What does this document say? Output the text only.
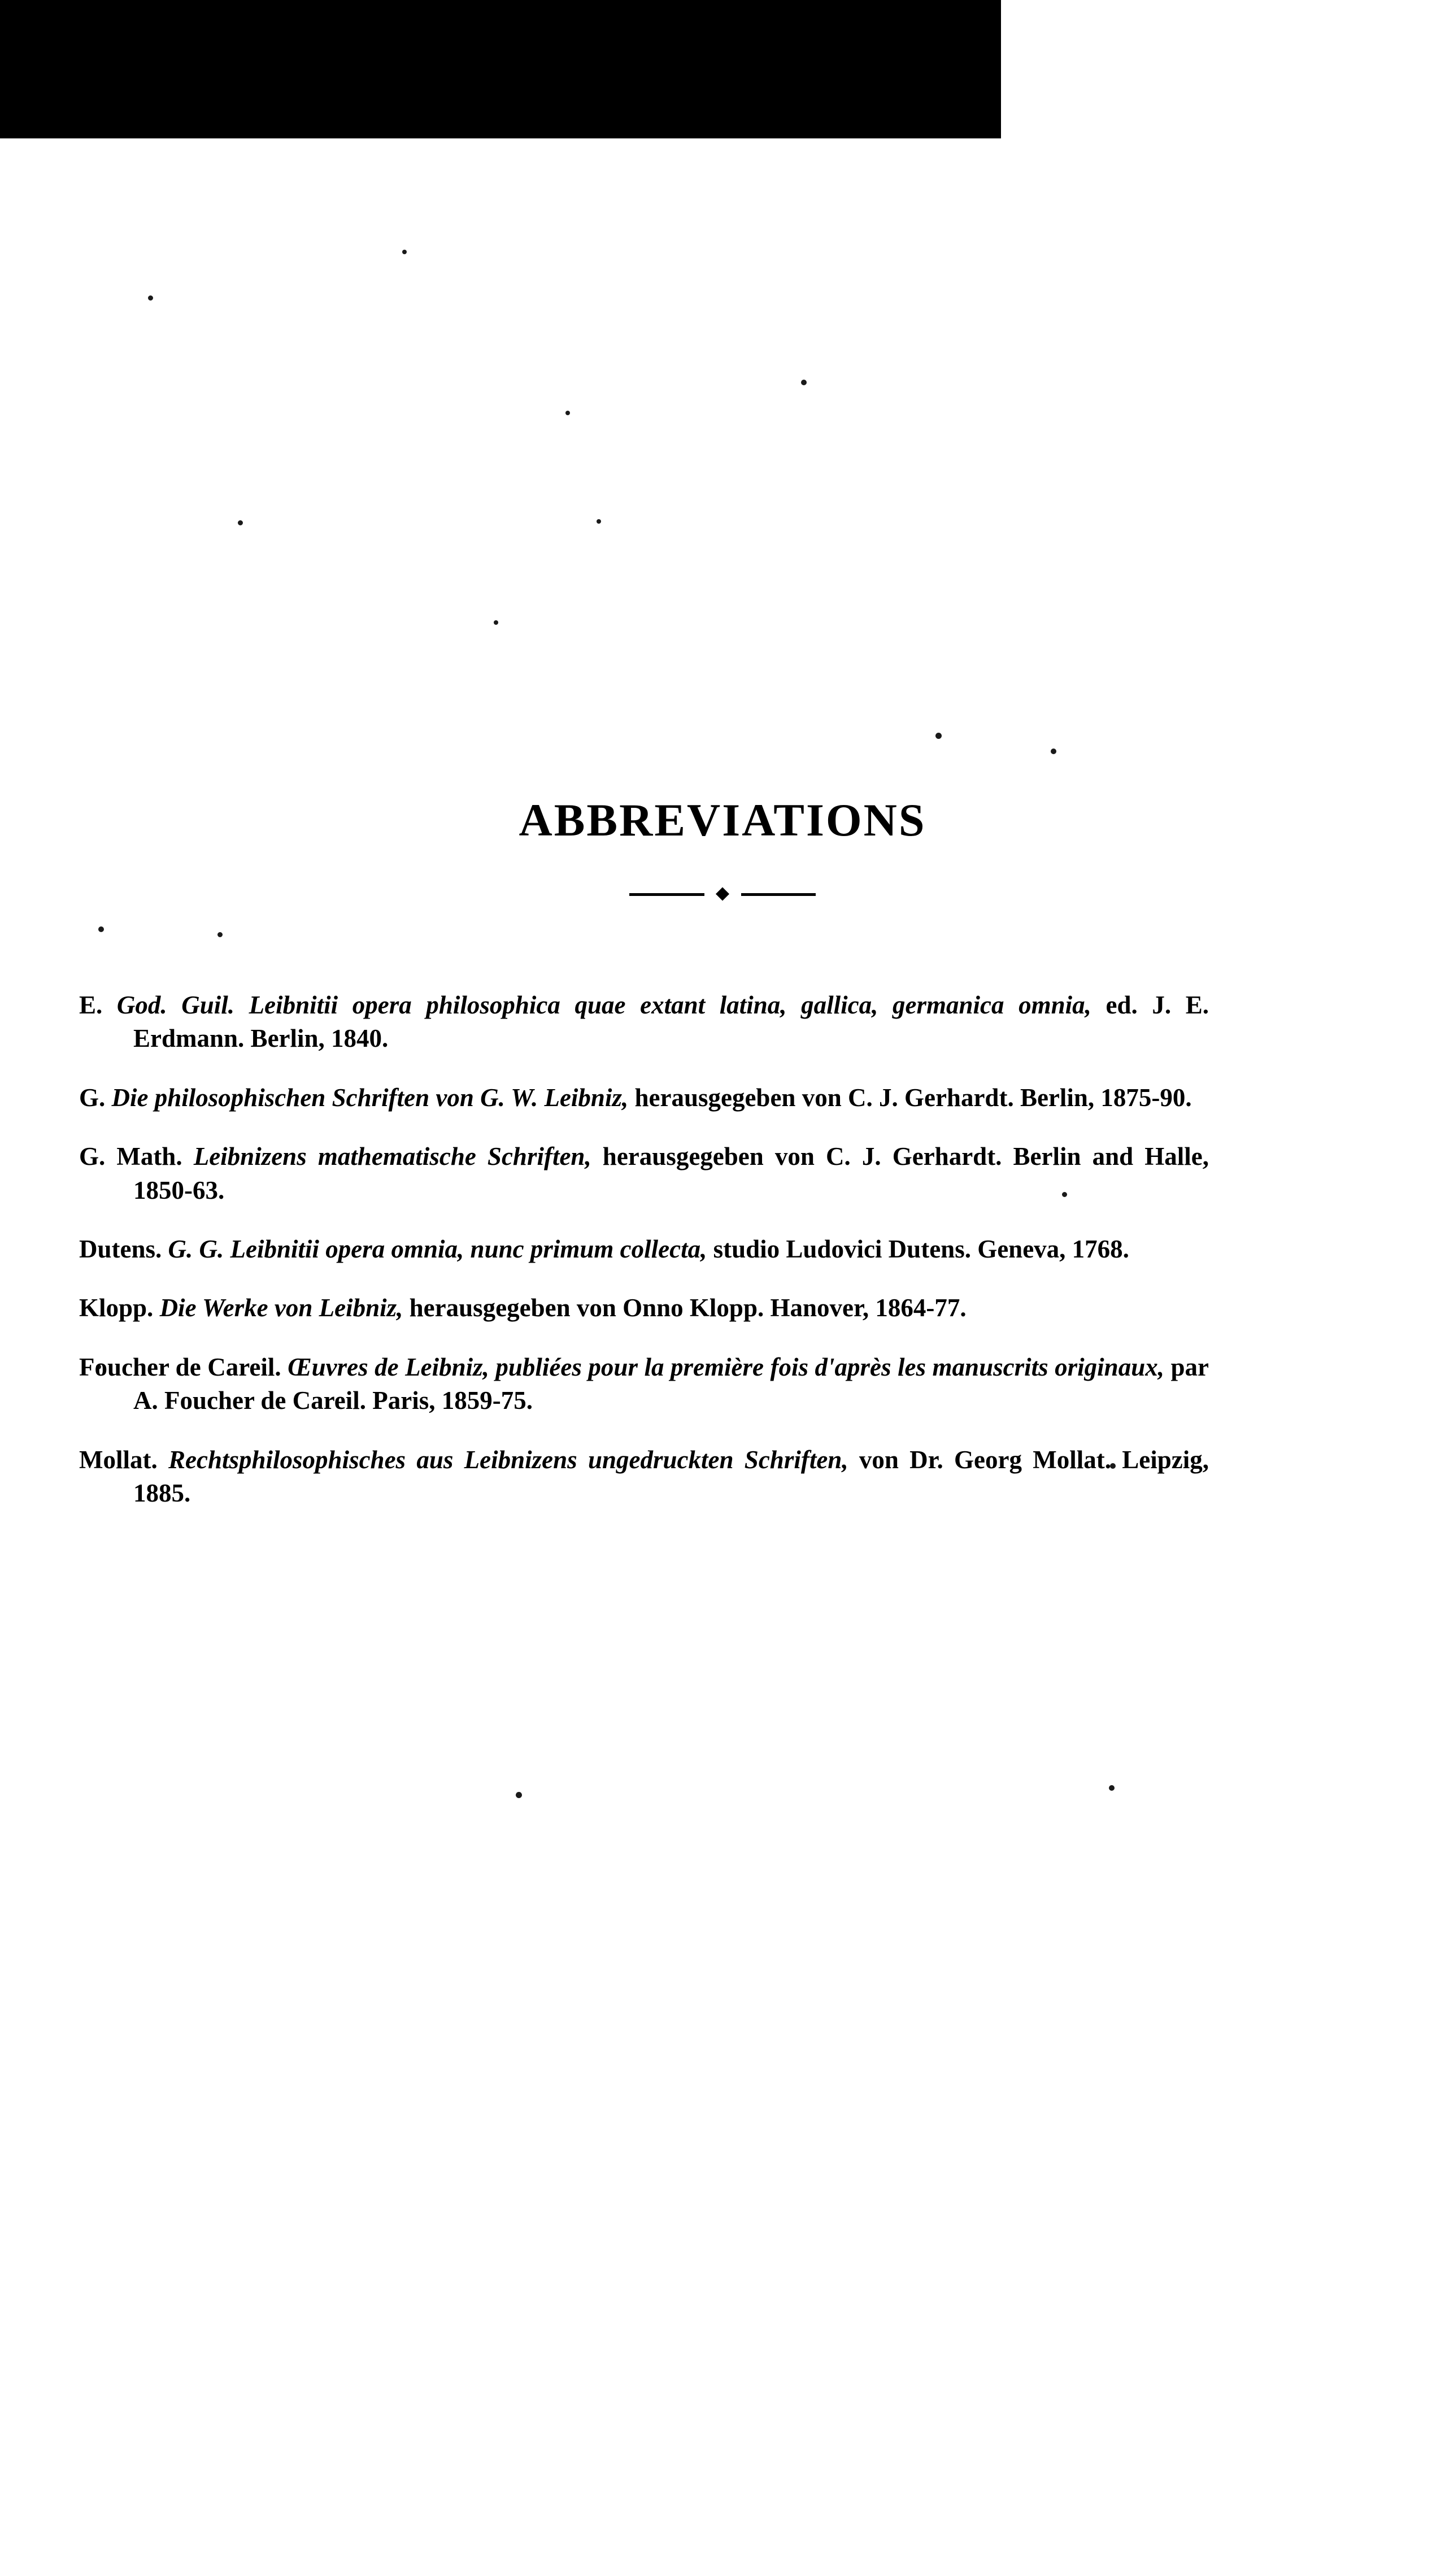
ABBREVIATIONS

E. God. Guil. Leibnitii opera philosophica quae extant latina, gallica, germanica omnia, ed. J. E. Erdmann. Berlin, 1840.

G. Die philosophischen Schriften von G. W. Leibniz, herausgegeben von C. J. Gerhardt. Berlin, 1875-90.

G. Math. Leibnizens mathematische Schriften, herausgegeben von C. J. Gerhardt. Berlin and Halle, 1850-63.

Dutens. G. G. Leibnitii opera omnia, nunc primum collecta, studio Ludovici Dutens. Geneva, 1768.

Klopp. Die Werke von Leibniz, herausgegeben von Onno Klopp. Hanover, 1864-77.

Foucher de Careil. Œuvres de Leibniz, publiées pour la première fois d'après les manuscrits originaux, par A. Foucher de Careil. Paris, 1859-75.

Mollat. Rechtsphilosophisches aus Leibnizens ungedruckten Schriften, von Dr. Georg Mollat. Leipzig, 1885.
